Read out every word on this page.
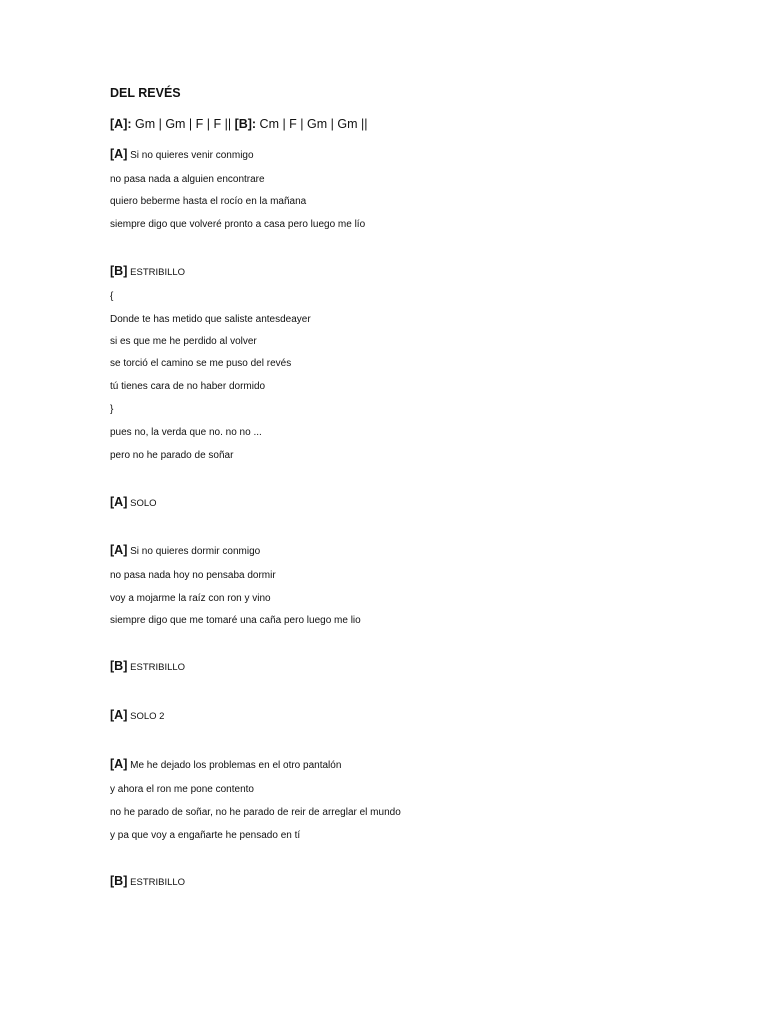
DEL REVÉS
[A]: Gm | Gm | F | F || [B]: Cm | F | Gm | Gm ||
[A] Si no quieres venir conmigo
no pasa nada a alguien encontrare
quiero beberme hasta el rocío en la mañana
siempre digo que volveré pronto a casa pero luego me lío
[B] ESTRIBILLO
{
Donde te has metido que saliste antesdeayer
si es que me he perdido al volver
se torció el camino se me puso del revés
tú tienes cara de no haber dormido
}
pues no, la verda que no. no no ...
pero no he parado de soñar
[A] SOLO
[A] Si no quieres dormir conmigo
no pasa nada hoy no pensaba dormir
voy a mojarme la raíz con ron y vino
siempre digo que me tomaré una caña pero luego me lio
[B] ESTRIBILLO
[A] SOLO 2
[A] Me he dejado los problemas en el otro pantalón
y ahora el ron me pone contento
no he parado de soñar, no he parado de reir de arreglar el mundo
y pa que voy a engañarte he pensado en tí
[B] ESTRIBILLO
